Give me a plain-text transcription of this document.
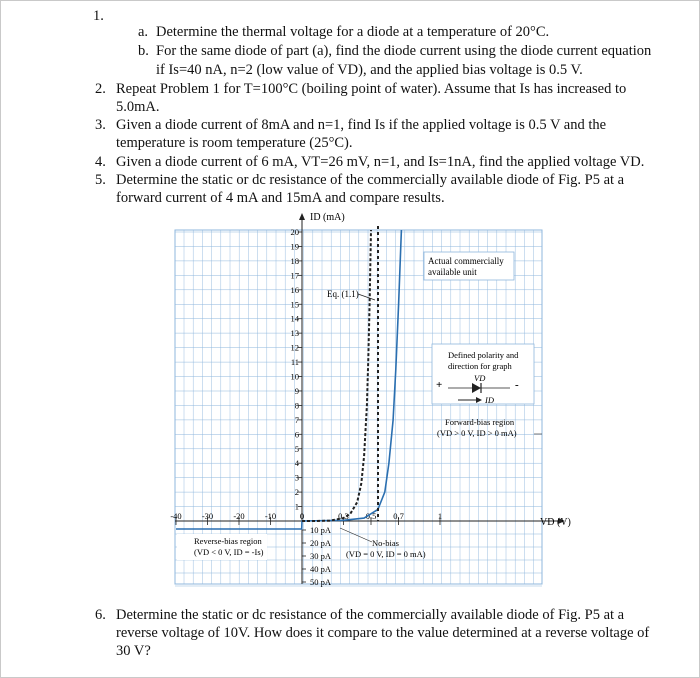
1.
a. Determine the thermal voltage for a diode at a temperature of 20°C.
b. For the same diode of part (a), find the diode current using the diode current equation
if Is=40 nA, n=2 (low value of VD), and the applied bias voltage is 0.5 V.
2. Repeat Problem 1 for T=100°C (boiling point of water). Assume that Is has increased to
5.0mA.
3. Given a diode current of 8mA and n=1, find Is if the applied voltage is 0.5 V and the
temperature is room temperature (25°C).
4. Given a diode current of 6 mA, VT=26 mV, n=1, and Is=1nA, find the applied voltage VD.
5. Determine the static or dc resistance of the commercially available diode of Fig. P5 at a
forward current of 4 mA and 15mA and compare results.
ID (mA)
VD (V)
1
2
3
4
5
6
7
8
9
10
11
12
13
14
15
16
17
18
19
20
-40 -30 -20 -10	0	0.3 0.5 0.7	1
10 pA
20 pA
30 pA
40 pA
50 pA
Eq. (1.1)
Actual commercially
available unit
Defined polarity and
direction for graph
+	-
VD
ID
Forward-bias region
(VD > 0 V, ID > 0 mA)
Reverse-bias region
(VD < 0 V, ID = -Is)
No-bias
(VD = 0 V, ID = 0 mA)
6. Determine the static or dc resistance of the commercially available diode of Fig. P5 at a
reverse voltage of 10V. How does it compare to the value determined at a reverse voltage of
30 V?
